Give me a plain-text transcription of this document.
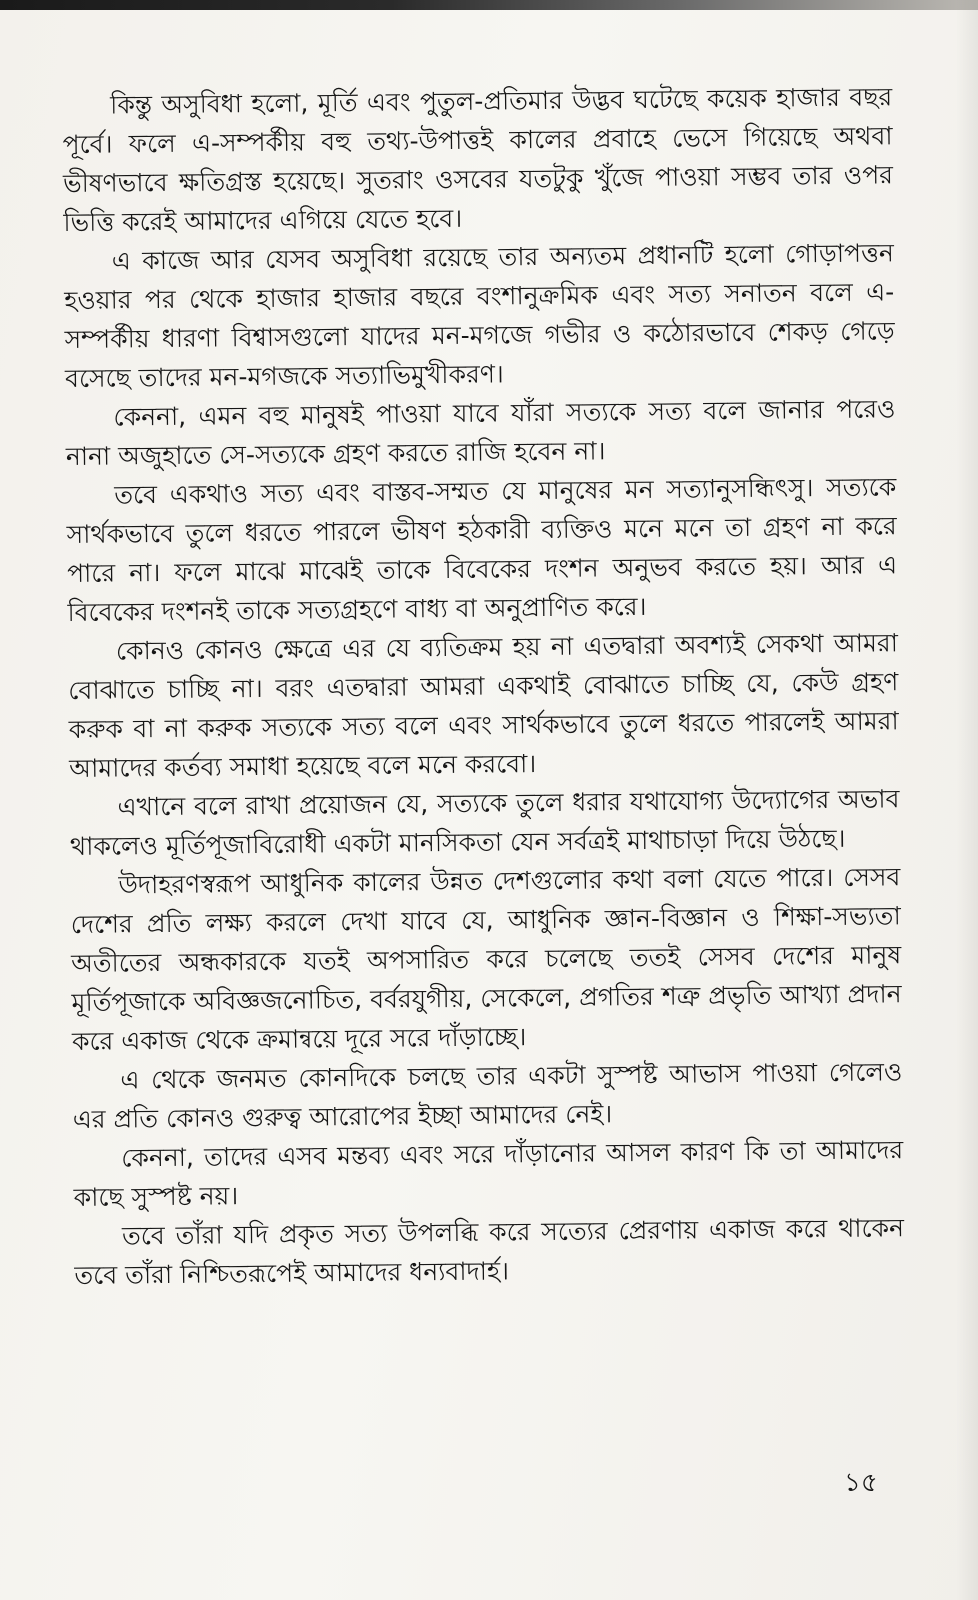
কিন্তু অসুবিধা হলো, মূর্তি এবং পুতুল-প্রতিমার উদ্ভব ঘটেছে কয়েক হাজার বছর পূর্বে। ফলে এ-সম্পর্কীয় বহু তথ্য-উপাত্তই কালের প্রবাহে ভেসে গিয়েছে অথবা ভীষণভাবে ক্ষতিগ্রস্ত হয়েছে। সুতরাং ওসবের যতটুকু খুঁজে পাওয়া সম্ভব তার ওপর ভিত্তি করেই আমাদের এগিয়ে যেতে হবে।

এ কাজে আর যেসব অসুবিধা রয়েছে তার অন্যতম প্রধানটি হলো গোড়াপত্তন হওয়ার পর থেকে হাজার হাজার বছরে বংশানুক্রমিক এবং সত্য সনাতন বলে এ-সম্পর্কীয় ধারণা বিশ্বাসগুলো যাদের মন-মগজে গভীর ও কঠোরভাবে শেকড় গেড়ে বসেছে তাদের মন-মগজকে সত্যাভিমুখীকরণ।

কেননা, এমন বহু মানুষই পাওয়া যাবে যাঁরা সত্যকে সত্য বলে জানার পরেও নানা অজুহাতে সে-সত্যকে গ্রহণ করতে রাজি হবেন না।

তবে একথাও সত্য এবং বাস্তব-সম্মত যে মানুষের মন সত্যানুসন্ধিৎসু। সত্যকে সার্থকভাবে তুলে ধরতে পারলে ভীষণ হঠকারী ব্যক্তিও মনে মনে তা গ্রহণ না করে পারে না। ফলে মাঝে মাঝেই তাকে বিবেকের দংশন অনুভব করতে হয়। আর এ বিবেকের দংশনই তাকে সত্যগ্রহণে বাধ্য বা অনুপ্রাণিত করে।

কোনও কোনও ক্ষেত্রে এর যে ব্যতিক্রম হয় না এতদ্বারা অবশ্যই সেকথা আমরা বোঝাতে চাচ্ছি না। বরং এতদ্বারা আমরা একথাই বোঝাতে চাচ্ছি যে, কেউ গ্রহণ করুক বা না করুক সত্যকে সত্য বলে এবং সার্থকভাবে তুলে ধরতে পারলেই আমরা আমাদের কর্তব্য সমাধা হয়েছে বলে মনে করবো।

এখানে বলে রাখা প্রয়োজন যে, সত্যকে তুলে ধরার যথাযোগ্য উদ্যোগের অভাব থাকলেও মূর্তিপূজাবিরোধী একটা মানসিকতা যেন সর্বত্রই মাথাচাড়া দিয়ে উঠছে।

উদাহরণস্বরূপ আধুনিক কালের উন্নত দেশগুলোর কথা বলা যেতে পারে। সেসব দেশের প্রতি লক্ষ্য করলে দেখা যাবে যে, আধুনিক জ্ঞান-বিজ্ঞান ও শিক্ষা-সভ্যতা অতীতের অন্ধকারকে যতই অপসারিত করে চলেছে ততই সেসব দেশের মানুষ মূর্তিপূজাকে অবিজ্ঞজনোচিত, বর্বরযুগীয়, সেকেলে, প্রগতির শত্রু প্রভৃতি আখ্যা প্রদান করে একাজ থেকে ক্রমান্বয়ে দূরে সরে দাঁড়াচ্ছে।

এ থেকে জনমত কোনদিকে চলছে তার একটা সুস্পষ্ট আভাস পাওয়া গেলেও এর প্রতি কোনও গুরুত্ব আরোপের ইচ্ছা আমাদের নেই।

কেননা, তাদের এসব মন্তব্য এবং সরে দাঁড়ানোর আসল কারণ কি তা আমাদের কাছে সুস্পষ্ট নয়।

তবে তাঁরা যদি প্রকৃত সত্য উপলব্ধি করে সত্যের প্রেরণায় একাজ করে থাকেন তবে তাঁরা নিশ্চিতরূপেই আমাদের ধন্যবাদার্হ।

১৫
